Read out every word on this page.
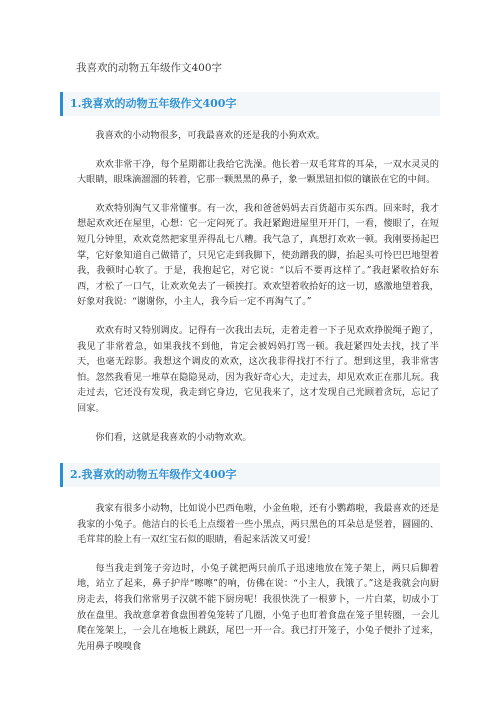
我喜欢的动物五年级作文400字
1.我喜欢的动物五年级作文400字

我喜欢的小动物很多，可我最喜欢的还是我的小狗欢欢。

欢欢非常干净，每个星期都让我给它洗澡。他长着一双毛茸茸的耳朵，一双水灵灵的大眼睛，眼珠滴溜溜的转着，它那一颗黑黑的鼻子，象一颗黑钮扣似的镶嵌在它的中间。

欢欢特别淘气又非常懂事。有一次，我和爸爸妈妈去百货超市买东西。回来时，我才想起欢欢还在屋里，心想：它一定闷死了。我赶紧跑进屋里开开门，一看，傻眼了，在短短几分钟里，欢欢竟然把家里弄得乱七八糟。我气急了，真想打欢欢一顿。我刚要扬起巴掌，它好象知道自己做错了，只见它走到我脚下，使劲蹭我的脚，抬起头可怜巴巴地望着我，我顿时心软了。于是，我抱起它，对它说：“以后不要再这样了。”我赶紧收拾好东西，才松了一口气，让欢欢免去了一顿挨打。欢欢望着收拾好的这一切，感激地望着我，好象对我说：“谢谢你，小主人，我今后一定不再淘气了。”

欢欢有时又特别调皮。记得有一次我出去玩，走着走着一下子见欢欢挣脱绳子跑了，我见了非常着急，如果我找不到他，肯定会被妈妈打骂一顿。我赶紧四处去找，找了半天，也毫无踪影。我想这个调皮的欢欢，这次我非得找打不行了。想到这里，我非常害怕。忽然我看见一堆草在隐隐晃动，因为我好奇心大，走过去，却见欢欢正在那儿玩。我走过去，它还没有发现，我走到它身边，它见我来了，这才发现自己光顾着贪玩，忘记了回家。

你们看，这就是我喜欢的小动物欢欢。

2.我喜欢的动物五年级作文400字

我家有很多小动物，比如说小巴西龟啦，小金鱼啦，还有小鹦鹉啦，我最喜欢的还是我家的小兔子。他洁白的长毛上点缀着一些小黑点，两只黑色的耳朵总是竖着，圆圆的、毛茸茸的脸上有一双红宝石似的眼睛，看起来活泼又可爱！

每当我走到笼子旁边时，小兔子就把两只前爪子迅速地放在笼子架上，两只后脚着地，站立了起来，鼻子护岸“嚓嚓”的响，仿佛在说：“小主人，我饿了。”这是我就会向厨房走去，将我们常常男子汉就不能下厨房呢！我很快洗了一根萝卜，一片白菜，切成小丁放在盘里。我故意拿着食盘围着兔笼转了几圈，小兔子也盯着食盘在笼子里转圈，一会儿爬在笼架上，一会儿在地板上跳跃，尾巴一开一合。我已打开笼子，小兔子便扑了过来，先用鼻子嗅嗅食
